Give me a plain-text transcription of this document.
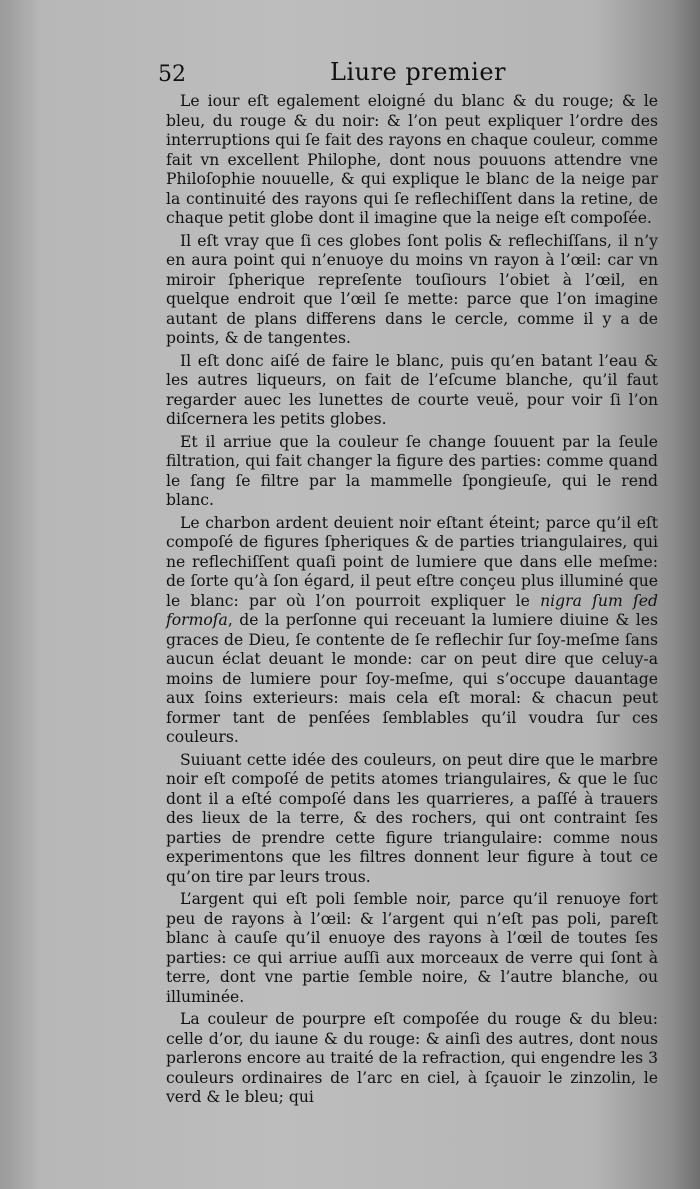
52	Liure premier

Le iour eſt egalement eloigné du blanc & du rouge; & le bleu, du rouge & du noir: & l’on peut expliquer l’ordre des interruptions qui ſe fait des rayons en chaque couleur, comme fait vn excellent Philophe, dont nous pouuons attendre vne Philoſophie nouuelle, & qui explique le blanc de la neige par la continuité des rayons qui ſe reflechiſſent dans la retine, de chaque petit globe dont il imagine que la neige eſt compoſée.

Il eſt vray que ſi ces globes ſont polis & reflechiſſans, il n’y en aura point qui n’enuoye du moins vn rayon à l’œil: car vn miroir ſpherique repreſente touſiours l’obiet à l’œil, en quelque endroit que l’œil ſe mette: parce que l’on imagine autant de plans differens dans le cercle, comme il y a de points, & de tangentes.

Il eſt donc aiſé de faire le blanc, puis qu’en batant l’eau & les autres liqueurs, on fait de l’eſcume blanche, qu’il faut regarder auec les lunettes de courte veuë, pour voir ſi l’on diſcernera les petits globes.

Et il arriue que la couleur ſe change ſouuent par la ſeule filtration, qui fait changer la figure des parties: comme quand le ſang ſe filtre par la mammelle ſpongieuſe, qui le rend blanc.

Le charbon ardent deuient noir eſtant éteint; parce qu’il eſt compoſé de figures ſpheriques & de parties triangulaires, qui ne reflechiſſent quaſi point de lumiere que dans elle meſme: de ſorte qu’à ſon égard, il peut eſtre conçeu plus illuminé que le blanc: par où l’on pourroit expliquer le nigra ſum ſed formoſa, de la perſonne qui receuant la lumiere diuine & les graces de Dieu, ſe contente de ſe reflechir ſur ſoy-meſme ſans aucun éclat deuant le monde: car on peut dire que celuy-a moins de lumiere pour ſoy-meſme, qui s’occupe dauantage aux ſoins exterieurs: mais cela eſt moral: & chacun peut former tant de penſées ſemblables qu’il voudra ſur ces couleurs.

Suiuant cette idée des couleurs, on peut dire que le marbre noir eſt compoſé de petits atomes triangulaires, & que le ſuc dont il a eſté compoſé dans les quarrieres, a paſſé à trauers des lieux de la terre, & des rochers, qui ont contraint ſes parties de prendre cette figure triangulaire: comme nous experimentons que les filtres donnent leur figure à tout ce qu’on tire par leurs trous.

L’argent qui eſt poli ſemble noir, parce qu’il renuoye fort peu de rayons à l’œil: & l’argent qui n’eſt pas poli, pareſt blanc à cauſe qu’il enuoye des rayons à l’œil de toutes ſes parties: ce qui arriue auſſi aux morceaux de verre qui ſont à terre, dont vne partie ſemble noire, & l’autre blanche, ou illuminée.

La couleur de pourpre eſt compoſée du rouge & du bleu: celle d’or, du iaune & du rouge: & ainſi des autres, dont nous parlerons encore au traité de la refraction, qui engendre les 3 couleurs ordinaires de l’arc en ciel, à ſçauoir le zinzolin, le verd & le bleu; qui
